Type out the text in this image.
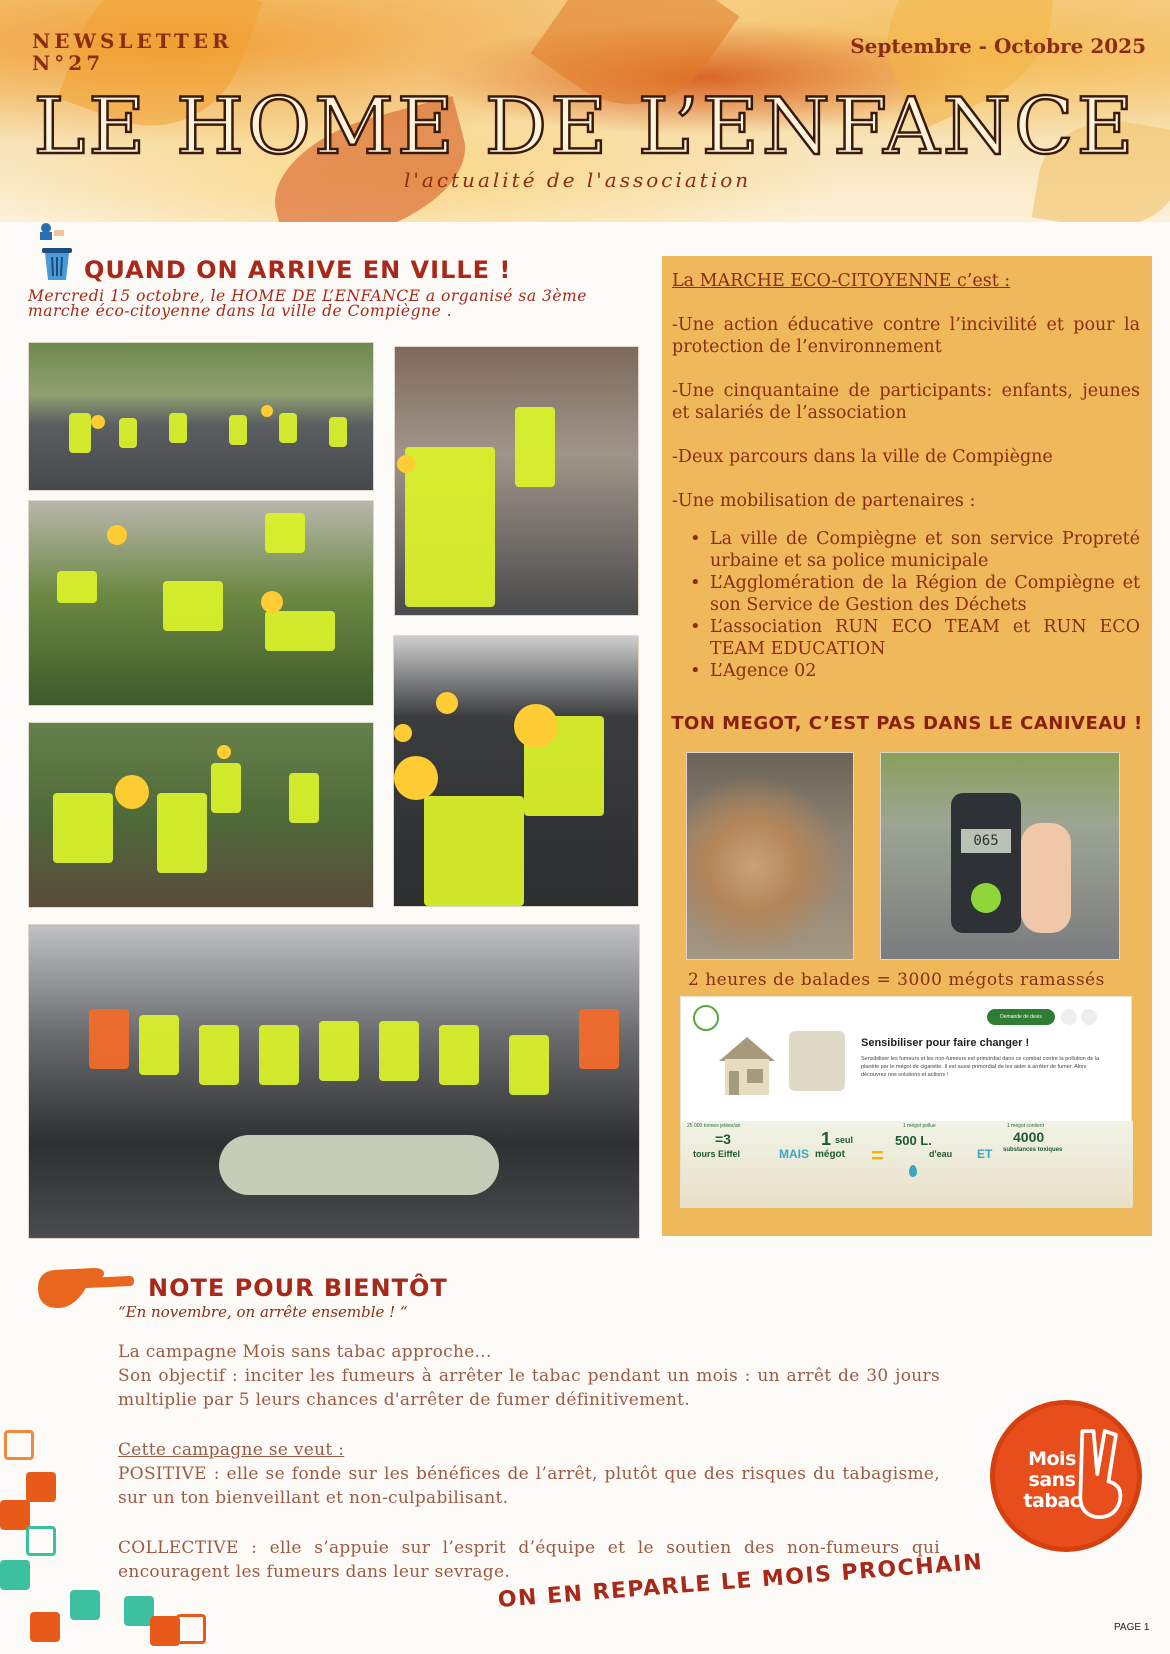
NEWSLETTER N°27
Septembre - Octobre 2025
LE HOME DE L’ENFANCE
l'actualité de l'association
QUAND ON ARRIVE EN VILLE !
Mercredi 15 octobre, le HOME DE L’ENFANCE a organisé sa 3ème marche éco-citoyenne dans la ville de Compiègne .
La MARCHE ECO-CITOYENNE c’est :
-Une action éducative contre l’incivilité et pour la protection de l’environnement
-Une cinquantaine de participants: enfants, jeunes et salariés de l’association
-Deux parcours dans la ville de Compiègne
-Une mobilisation de partenaires :
• La ville de Compiègne et son service Propreté urbaine et sa police municipale
• L’Agglomération de la Région de Compiègne et son Service de Gestion des Déchets
• L’association RUN ECO TEAM et RUN ECO TEAM EDUCATION
• L’Agence 02
TON MEGOT, C’EST PAS DANS LE CANIVEAU !
065
2 heures de balades = 3000 mégots ramassés
Demande de devis
Sensibiliser pour faire changer !
Sensibiliser les fumeurs et les non-fumeurs est primordial dans ce combat contre la pollution de la planète par le mégot de cigarette. Il est aussi primordial de les aider à arrêter de fumer. Alors découvrez nos solutions et actions !
25 000 tonnes jetées/an
=3
tours Eiffel	MAIS
1 seul
mégot =
1 mégot pollue
500 L.
d'eau ET
1 mégot contient
4000
substances toxiques
NOTE POUR BIENTÔT
“En novembre, on arrête ensemble ! “
La campagne Mois sans tabac approche...
Son objectif : inciter les fumeurs à arrêter le tabac pendant un mois : un arrêt de 30 jours multiplie par 5 leurs chances d'arrêter de fumer définitivement.
Cette campagne se veut :
POSITIVE : elle se fonde sur les bénéfices de l’arrêt, plutôt que des risques du tabagisme, sur un ton bienveillant et non-culpabilisant.
COLLECTIVE : elle s’appuie sur l’esprit d’équipe et le soutien des non-fumeurs qui encouragent les fumeurs dans leur sevrage.
Mois sans tabac
ON EN REPARLE LE MOIS PROCHAIN
PAGE 1
